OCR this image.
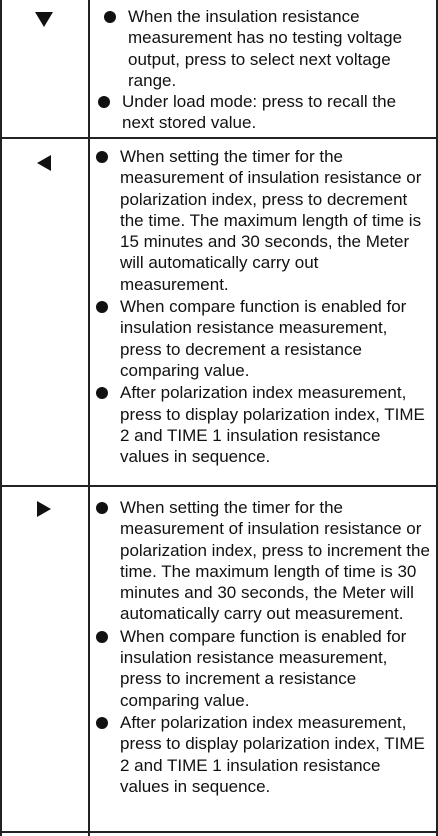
When the insulation resistance measurement has no testing voltage output, press to select next voltage range.
Under load mode: press to recall the next stored value.
When setting the timer for the measurement of insulation resistance or polarization index, press to decrement the time. The maximum length of time is 15 minutes and 30 seconds, the Meter will automatically carry out measurement.
When compare function is enabled for insulation resistance measurement, press to decrement a resistance comparing value.
After polarization index measurement, press to display polarization index, TIME 2 and TIME 1 insulation resistance values in sequence.
When setting the timer for the measurement of insulation resistance or polarization index, press to increment the time. The maximum length of time is 30 minutes and 30 seconds, the Meter will automatically carry out measurement.
When compare function is enabled for insulation resistance measurement, press to increment a resistance comparing value.
After polarization index measurement, press to display polarization index, TIME 2 and TIME 1 insulation resistance values in sequence.
